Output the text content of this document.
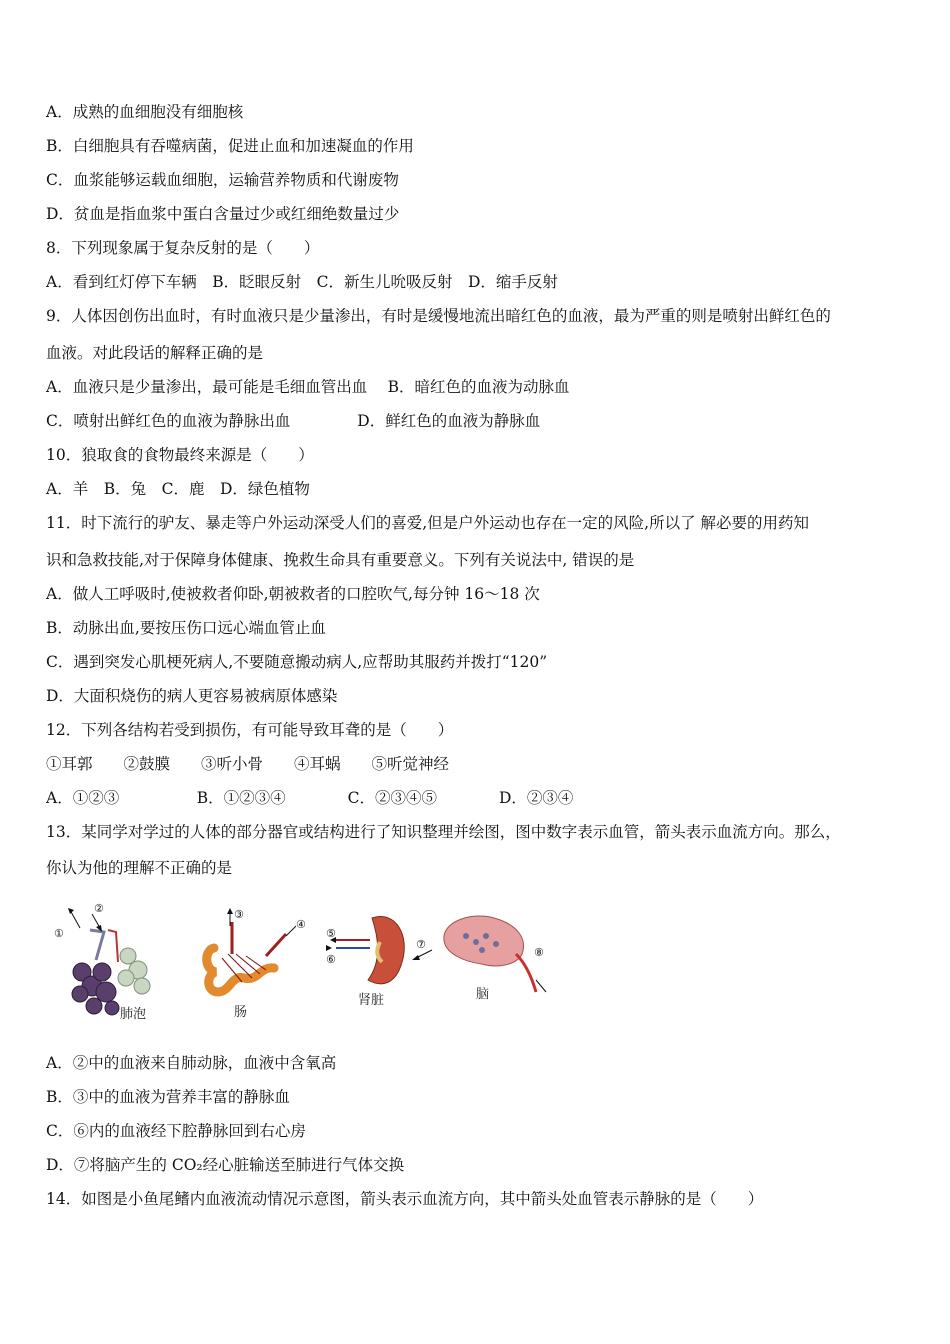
A．成熟的血细胞没有细胞核
B．白细胞具有吞噬病菌，促进止血和加速凝血的作用
C．血浆能够运载血细胞，运输营养物质和代谢废物
D．贫血是指血浆中蛋白含量过少或红细绝数量过少
8．下列现象属于复杂反射的是（　　）
A．看到红灯停下车辆　B．眨眼反射　C．新生儿吮吸反射　D．缩手反射
9．人体因创伤出血时，有时血液只是少量渗出，有时是缓慢地流出暗红色的血液，最为严重的则是喷射出鲜红色的
血液。对此段话的解释正确的是
A．血液只是少量渗出，最可能是毛细血管出血　 B．暗红色的血液为动脉血
C．喷射出鲜红色的血液为静脉出血　　　　 D．鲜红色的血液为静脉血
10．狼取食的食物最终来源是（　　）
A．羊　B．兔　C．鹿　D．绿色植物
11．时下流行的驴友、暴走等户外运动深受人们的喜爱,但是户外运动也存在一定的风险,所以了 解必要的用药知
识和急救技能,对于保障身体健康、挽救生命具有重要意义。下列有关说法中, 错误的是
A．做人工呼吸时,使被救者仰卧,朝被救者的口腔吹气,每分钟 16～18 次
B．动脉出血,要按压伤口远心端血管止血
C．遇到突发心肌梗死病人,不要随意搬动病人,应帮助其服药并拨打“120”
D．大面积烧伤的病人更容易被病原体感染
12．下列各结构若受到损伤，有可能导致耳聋的是（　　）
①耳郭　　②鼓膜　　③听小骨　　④耳蜗　　⑤听觉神经
A．①②③　　　　　B．①②③④　　　　C．②③④⑤　　　　D．②③④
13．某同学对学过的人体的部分器官或结构进行了知识整理并绘图，图中数字表示血管，箭头表示血流方向。那么，
你认为他的理解不正确的是
A．②中的血液来自肺动脉，血液中含氧高
B．③中的血液为营养丰富的静脉血
C．⑥内的血液经下腔静脉回到右心房
D．⑦将脑产生的 CO₂经心脏输送至肺进行气体交换
14．如图是小鱼尾鳍内血液流动情况示意图，箭头表示血流方向，其中箭头处血管表示静脉的是（　　）
①
②
肺泡
③
④
肠
⑤
⑥
肾脏
⑦
⑧
脑
